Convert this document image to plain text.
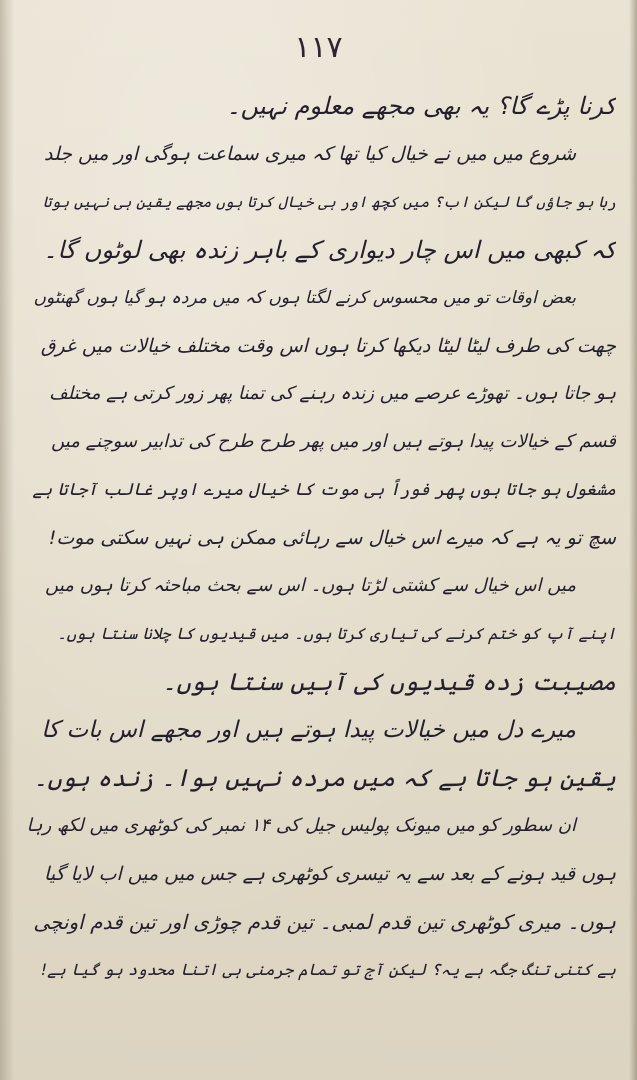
۱۱۷
کرنا پڑے گا؟ یہ بھی مجھے معلوم نہیں۔
شروع میں میں نے خیال کیا تھا کہ میری سماعت ہوگی اور میں جلد
رہا ہو جاؤں گا لیکن اب؟ میں کچھ اور ہی خیال کرتا ہوں مجھے یقین ہی نہیں ہوتا
کہ کبھی میں اس چار دیواری کے باہر زندہ بھی لوٹوں گا۔
بعض اوقات تو میں محسوس کرنے لگتا ہوں کہ میں مردہ ہو گیا ہوں گھنٹوں
چھت کی طرف لیٹا لیٹا دیکھا کرتا ہوں اس وقت مختلف خیالات میں غرق
ہو جاتا ہوں۔ تھوڑے عرصے میں زندہ رہنے کی تمنا پھر زور کرتی ہے مختلف
قسم کے خیالات پیدا ہوتے ہیں اور میں پھر طرح طرح کی تدابیر سوچنے میں
مشغول ہو جاتا ہوں پھر فوراً ہی موت کا خیال میرے اوپر غالب آجاتا ہے
سچ تو یہ ہے کہ میرے اس خیال سے رہائی ممکن ہی نہیں سکتی موت!
میں اس خیال سے کشتی لڑتا ہوں۔ اس سے بحث مباحثہ کرتا ہوں میں
اپنے آپ کو ختم کرنے کی تیاری کرتا ہوں۔ میں قیدیوں کا چلانا سنتا ہوں۔
مصیبت زدہ قیدیوں کی آہیں سنتا ہوں۔
میرے دل میں خیالات پیدا ہوتے ہیں اور مجھے اس بات کا
یقین ہو جاتا ہے کہ میں مردہ نہیں ہوا۔ زندہ ہوں۔
ان سطور کو میں میونک پولیس جیل کی ۱۴ نمبر کی کوٹھری میں لکھ رہا
ہوں قید ہونے کے بعد سے یہ تیسری کوٹھری ہے جس میں میں اب لایا گیا
ہوں۔ میری کوٹھری تین قدم لمبی۔ تین قدم چوڑی اور تین قدم اونچی
ہے کتنی تنگ جگہ ہے یہ؟ لیکن آج تو تمام جرمنی ہی اتنا محدود ہو گیا ہے!
